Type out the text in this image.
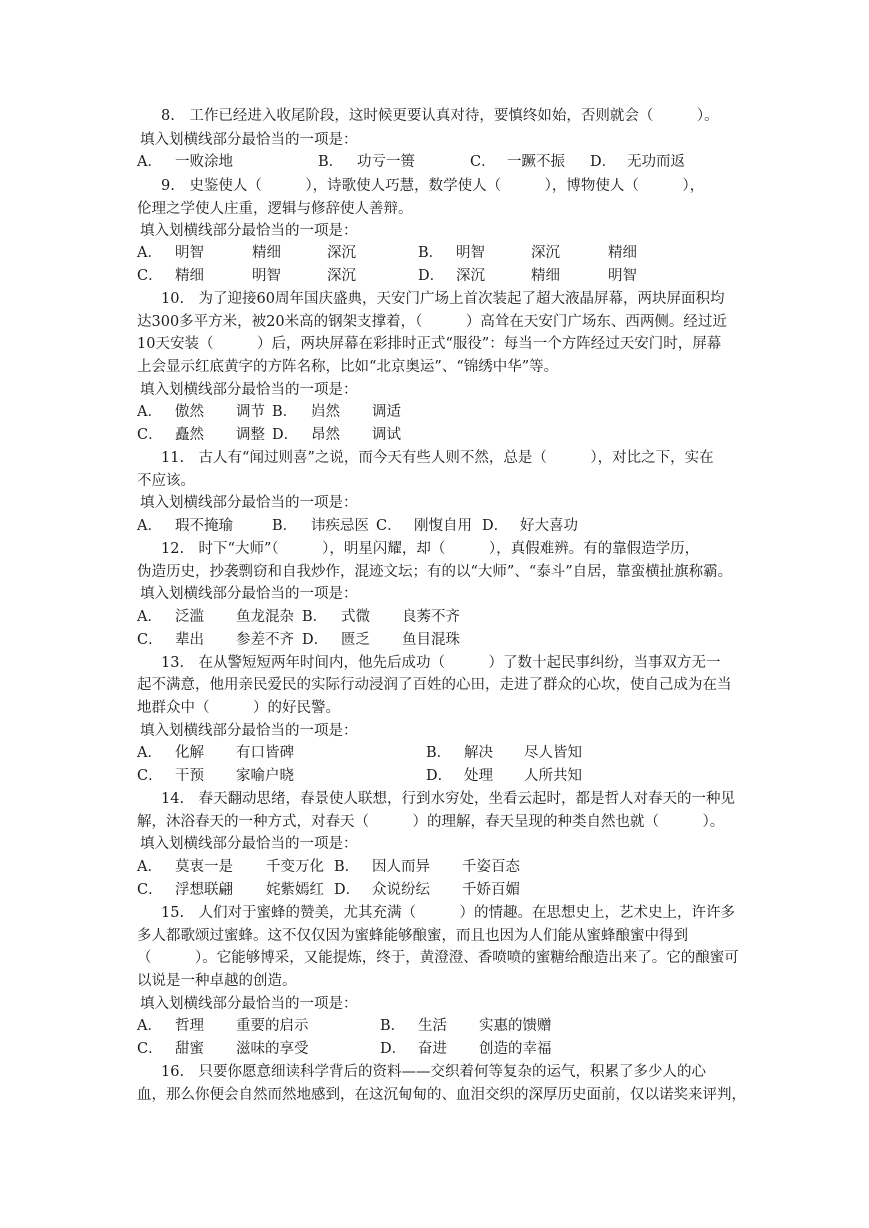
8.　工作已经进入收尾阶段，这时候更要认真对待，要慎终如始，否则就会（　　　）。
填入划横线部分最恰当的一项是：
A． 一败涂地	B． 功亏一篑	C． 一蹶不振 D． 无功而返
9.　史鉴使人（　　　），诗歌使人巧慧，数学使人（　　　），博物使人（　　　），
伦理之学使人庄重，逻辑与修辞使人善辩。
填入划横线部分最恰当的一项是：
A． 明智	精细	深沉	B． 明智	深沉	精细
C． 精细	明智	深沉	D． 深沉	精细	明智
10.　为了迎接60周年国庆盛典，天安门广场上首次装起了超大液晶屏幕，两块屏面积均
达300多平方米，被20米高的钢架支撑着，（　　　）高耸在天安门广场东、西两侧。经过近
10天安装（　　　）后，两块屏幕在彩排时正式“服役”：每当一个方阵经过天安门时，屏幕
上会显示红底黄字的方阵名称，比如“北京奥运”、“锦绣中华”等。
填入划横线部分最恰当的一项是：
A． 傲然 调节 B． 岿然 调适
C． 矗然 调整 D． 昂然 调试
11.　古人有“闻过则喜”之说，而今天有些人则不然，总是（　　　），对比之下，实在
不应该。
填入划横线部分最恰当的一项是：
A． 瑕不掩瑜	B． 讳疾忌医 C． 刚愎自用 D． 好大喜功
12.　时下“大师”（　　　），明星闪耀，却（　　　），真假难辨。有的靠假造学历，
伪造历史，抄袭剽窃和自我炒作，混迹文坛；有的以“大师”、“泰斗”自居，靠蛮横扯旗称霸。
填入划横线部分最恰当的一项是：
A． 泛滥 鱼龙混杂 B． 式微 良莠不齐
C． 辈出 参差不齐 D． 匮乏 鱼目混珠
13.　在从警短短两年时间内，他先后成功（　　　）了数十起民事纠纷，当事双方无一
起不满意，他用亲民爱民的实际行动浸润了百姓的心田，走进了群众的心坎，使自己成为在当
地群众中（　　　）的好民警。
填入划横线部分最恰当的一项是：
A． 化解 有口皆碑	B． 解决 尽人皆知
C． 干预 家喻户晓	D． 处理 人所共知
14.　春天翻动思绪，春景使人联想，行到水穷处，坐看云起时，都是哲人对春天的一种见
解，沐浴春天的一种方式，对春天（　　　）的理解，春天呈现的种类自然也就（　　　）。
填入划横线部分最恰当的一项是：
A． 莫衷一是 千变万化 B． 因人而异 千姿百态
C． 浮想联翩 姹紫嫣红 D． 众说纷纭 千娇百媚
15.　人们对于蜜蜂的赞美，尤其充满（　　　）的情趣。在思想史上，艺术史上，许许多
多人都歌颂过蜜蜂。这不仅仅因为蜜蜂能够酿蜜，而且也因为人们能从蜜蜂酿蜜中得到
（　　　）。它能够博采，又能提炼，终于，黄澄澄、香喷喷的蜜糖给酿造出来了。它的酿蜜可
以说是一种卓越的创造。
填入划横线部分最恰当的一项是：
A． 哲理 重要的启示	B． 生活 实惠的馈赠
C． 甜蜜 滋味的享受	D． 奋进 创造的幸福
16.　只要你愿意细读科学背后的资料——交织着何等复杂的运气，积累了多少人的心
血，那么你便会自然而然地感到，在这沉甸甸的、血泪交织的深厚历史面前，仅以诺奖来评判，
